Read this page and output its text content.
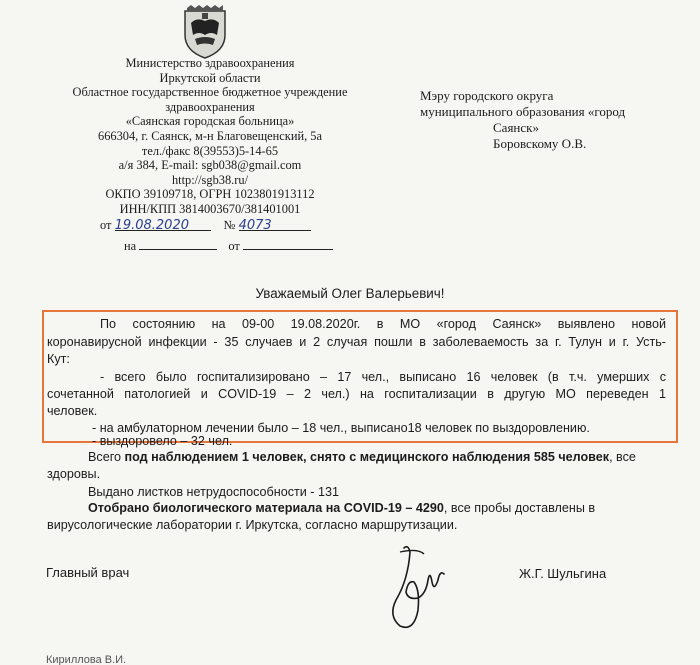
Министерство здравоохранения
Иркутской области
Областное государственное бюджетное учреждение
здравоохранения
«Саянская городская больница»
666304, г. Саянск, м-н Благовещенский, 5а
тел./факс 8(39553)5-14-65
а/я 384, E-mail: sgb038@gmail.com
http://sgb38.ru/
ОКПО 39109718, ОГРН 1023801913112
ИНН/КПП 3814003670/381401001
от 19.08.2020	№ 4073
на	от
Мэру городского округа
муниципального образования «город
Саянск»
Боровскому О.В.
Уважаемый Олег Валерьевич!
По состоянию на 09-00 19.08.2020г. в МО «город Саянск» выявлено новой
коронавирусной инфекции - 35 случаев и 2 случая пошли в заболеваемость за г. Тулун и г. Усть-
Кут:
- всего было госпитализировано – 17 чел., выписано 16 человек (в т.ч. умерших с
сочетанной патологией и COVID-19 – 2 чел.) на госпитализации в другую МО переведен 1
человек.
- на амбулаторном лечении было – 18 чел., выписано18 человек по выздоровлению.
- выздоровело – 32 чел.
Всего под наблюдением 1 человек, снято с медицинского наблюдения 585 человек, все
здоровы.
Выдано листков нетрудоспособности - 131
Отобрано биологического материала на COVID-19 – 4290, все пробы доставлены в
вирусологические лаборатории г. Иркутска, согласно маршрутизации.
Главный врач	Ж.Г. Шульгина
Кириллова В.И.
